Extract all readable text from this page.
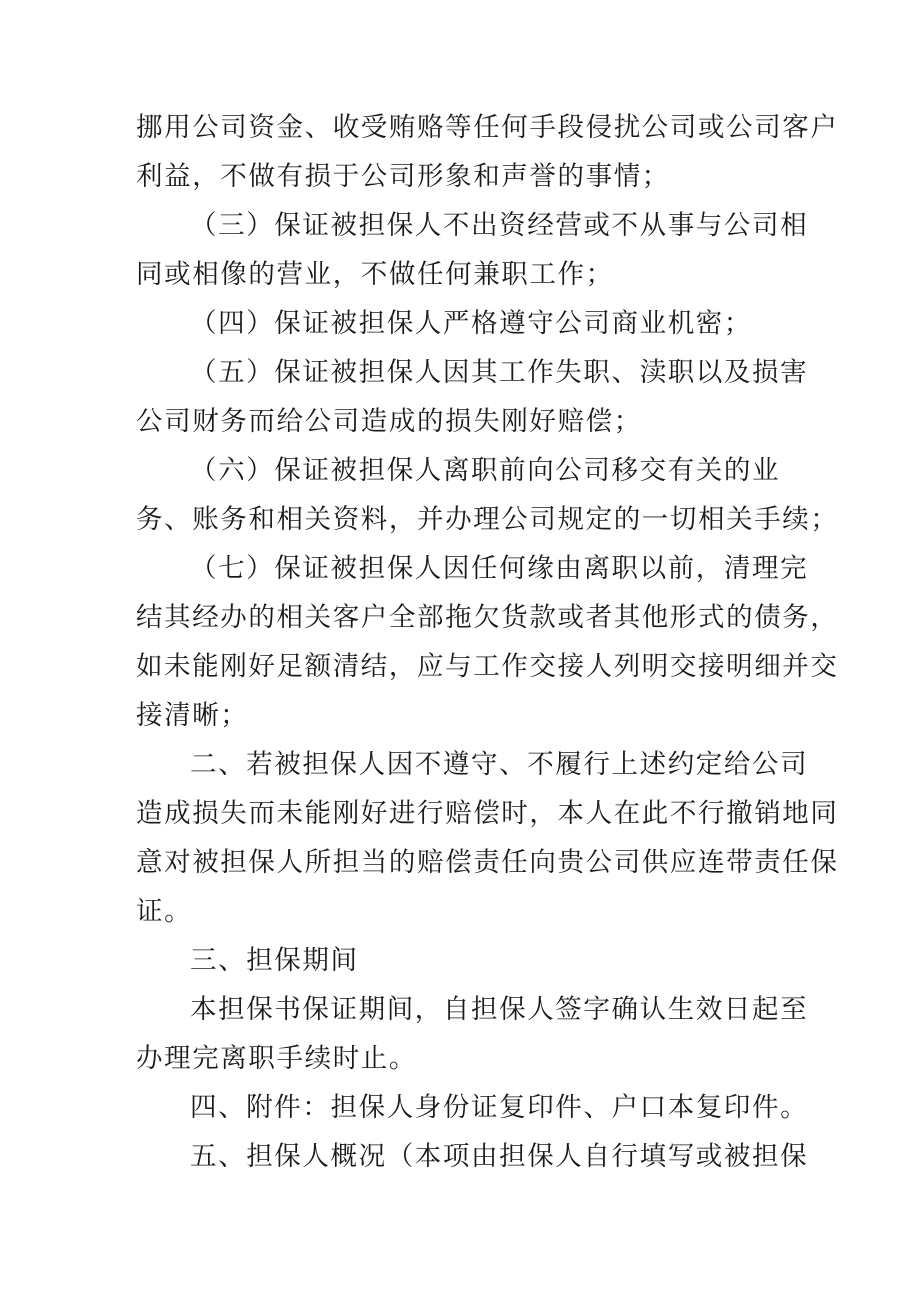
挪用公司资金、收受贿赂等任何手段侵扰公司或公司客户
利益，不做有损于公司形象和声誉的事情；
（三）保证被担保人不出资经营或不从事与公司相
同或相像的营业，不做任何兼职工作；
（四）保证被担保人严格遵守公司商业机密；
（五）保证被担保人因其工作失职、渎职以及损害
公司财务而给公司造成的损失刚好赔偿；
（六）保证被担保人离职前向公司移交有关的业
务、账务和相关资料，并办理公司规定的一切相关手续；
（七）保证被担保人因任何缘由离职以前，清理完
结其经办的相关客户全部拖欠货款或者其他形式的债务，
如未能刚好足额清结，应与工作交接人列明交接明细并交
接清晰；
二、若被担保人因不遵守、不履行上述约定给公司
造成损失而未能刚好进行赔偿时，本人在此不行撤销地同
意对被担保人所担当的赔偿责任向贵公司供应连带责任保
证。
三、担保期间
本担保书保证期间，自担保人签字确认生效日起至
办理完离职手续时止。
四、附件：担保人身份证复印件、户口本复印件。
五、担保人概况（本项由担保人自行填写或被担保
